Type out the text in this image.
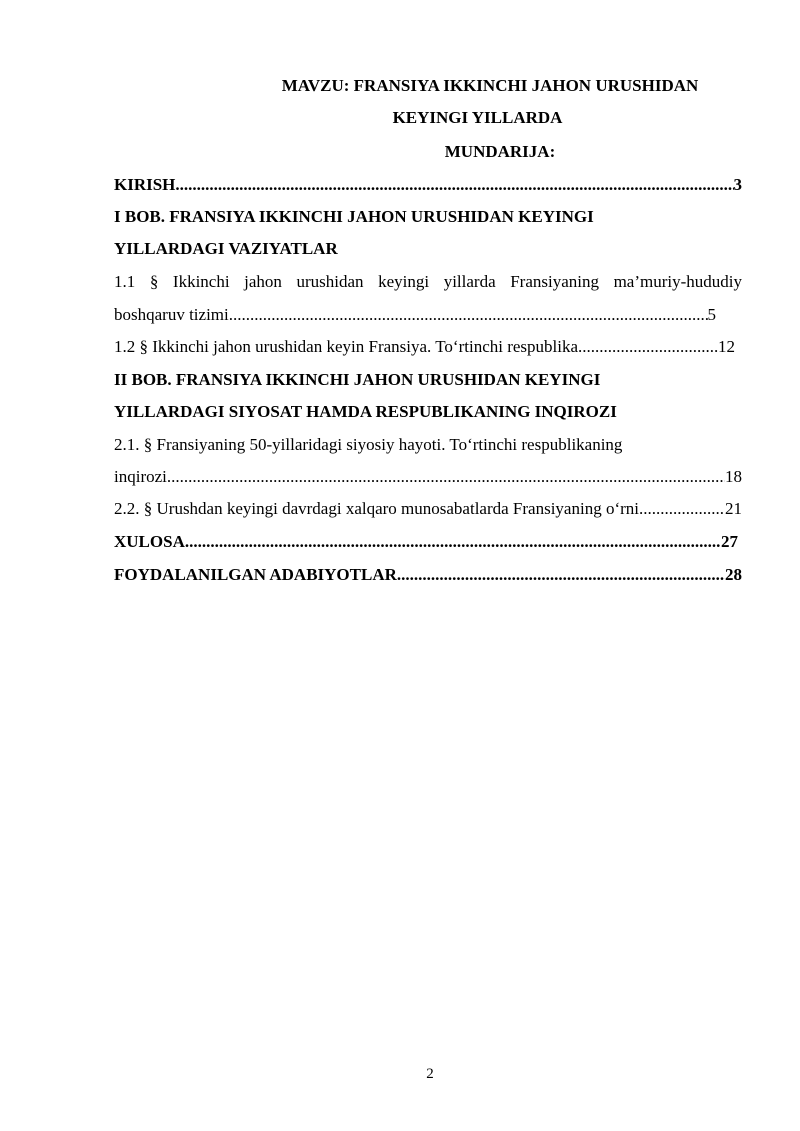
MAVZU: FRANSIYA IKKINCHI JAHON URUSHIDAN
KEYINGI YILLARDA
MUNDARIJA:
KIRISH .....	3
I BOB. FRANSIYA IKKINCHI JAHON URUSHIDAN KEYINGI
YILLARDAGI VAZIYATLAR
1.1 § Ikkinchi jahon urushidan keyingi yillarda Fransiyaning ma’muriy-hududiy
boshqaruv tizimi .....	5
1.2 § Ikkinchi jahon urushidan keyin Fransiya. To‘rtinchi respublika .....	12
II BOB. FRANSIYA IKKINCHI JAHON URUSHIDAN KEYINGI
YILLARDAGI SIYOSAT HAMDA RESPUBLIKANING INQIROZI
2.1. § Fransiyaning 50-yillaridagi siyosiy hayoti. To‘rtinchi respublikaning
inqirozi .....	18
2.2. § Urushdan keyingi davrdagi xalqaro munosabatlarda Fransiyaning o‘rni .....	21
XULOSA .....	27
FOYDALANILGAN ADABIYOTLAR .....	28
2
